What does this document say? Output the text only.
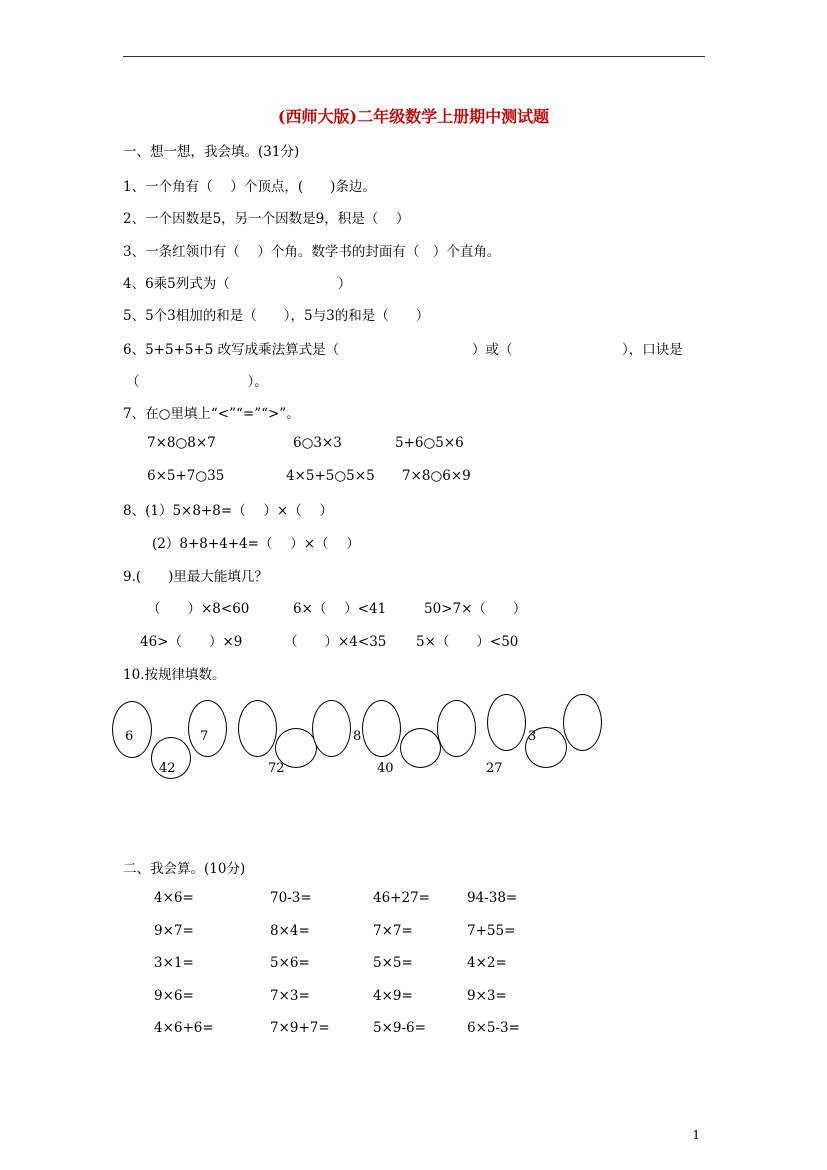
(西师大版)二年级数学上册期中测试题
一、想一想，我会填。(31分)
1、一个角有（　 ）个顶点，(　　)条边。
2、一个因数是5，另一个因数是9，积是（　 ）
3、一条红领巾有（　 ）个角。数学书的封面有（　）个直角。
4、6乘5列式为（　　　　　　　　）
5、5个3相加的和是（　　），5与3的和是（　　）
6、5+5+5+5 改写成乘法算式是（	）或（	），口诀是
（　　　　　　　　）。
7、在○里填上“<”“=”“>”。
7×8○8×7	6○3×3	5+6○5×6
6×5+7○35	4×5+5○5×5 7×8○6×9
8、(1）5×8+8=（　 ）×（　 ）
(2）8+8+4+4=（　 ）×（　 ）
9.(　　)里最大能填几？
（　　）×8<60	6×（　 ）<41	50>7×（　　）
46>（　　）×9	（　　）×4<35 5×（　　）<50
10.按规律填数。
6
42
7
72
8
40	27
3
二、我会算。(10分)
4×6=	70-3=	46+27=	94-38=
9×7=	8×4=	7×7=	7+55=
3×1=	5×6=	5×5=	4×2=
9×6=	7×3=	4×9=	9×3=
4×6+6=	7×9+7=	5×9-6=	6×5-3=
1
